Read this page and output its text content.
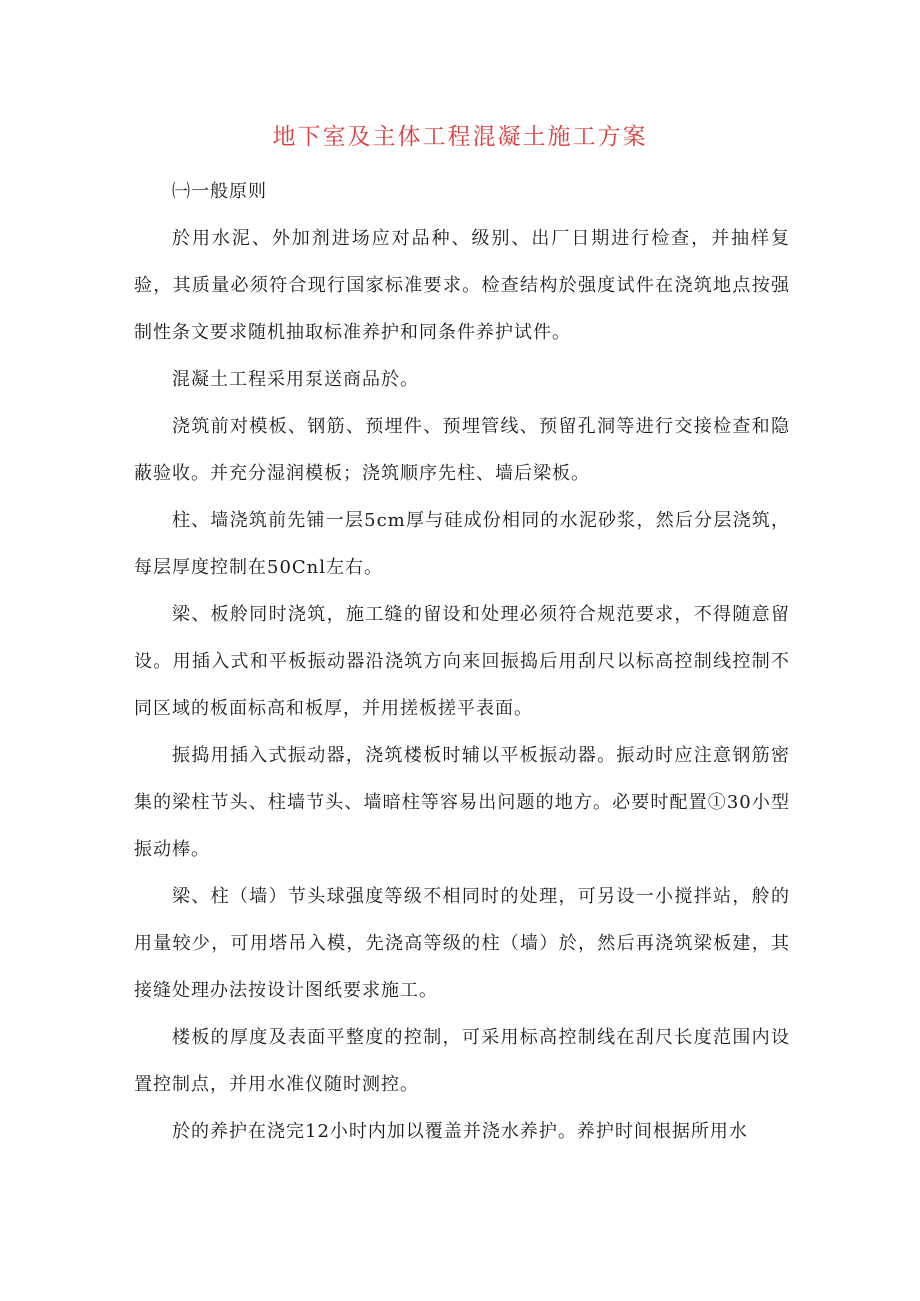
地下室及主体工程混凝土施工方案

㈠一般原则

於用水泥、外加剂进场应对品种、级别、出厂日期进行检查，并抽样复验，其质量必须符合现行国家标准要求。检查结构於强度试件在浇筑地点按强制性条文要求随机抽取标准养护和同条件养护试件。

混凝土工程采用泵送商品於。

浇筑前对模板、钢筋、预埋件、预埋管线、预留孔洞等进行交接检查和隐蔽验收。并充分湿润模板；浇筑顺序先柱、墙后梁板。

柱、墙浇筑前先铺一层5cm厚与硅成份相同的水泥砂浆，然后分层浇筑，每层厚度控制在50Cnl左右。

梁、板舲同时浇筑，施工缝的留设和处理必须符合规范要求，不得随意留设。用插入式和平板振动器沿浇筑方向来回振捣后用刮尺以标高控制线控制不同区域的板面标高和板厚，并用搓板搓平表面。

振捣用插入式振动器，浇筑楼板时辅以平板振动器。振动时应注意钢筋密集的梁柱节头、柱墙节头、墙暗柱等容易出问题的地方。必要时配置①30小型振动棒。

梁、柱（墙）节头球强度等级不相同时的处理，可另设一小搅拌站，舲的用量较少，可用塔吊入模，先浇高等级的柱（墙）於，然后再浇筑梁板建，其接缝处理办法按设计图纸要求施工。

楼板的厚度及表面平整度的控制，可采用标高控制线在刮尺长度范围内设置控制点，并用水准仪随时测控。

於的养护在浇完12小时内加以覆盖并浇水养护。养护时间根据所用水
